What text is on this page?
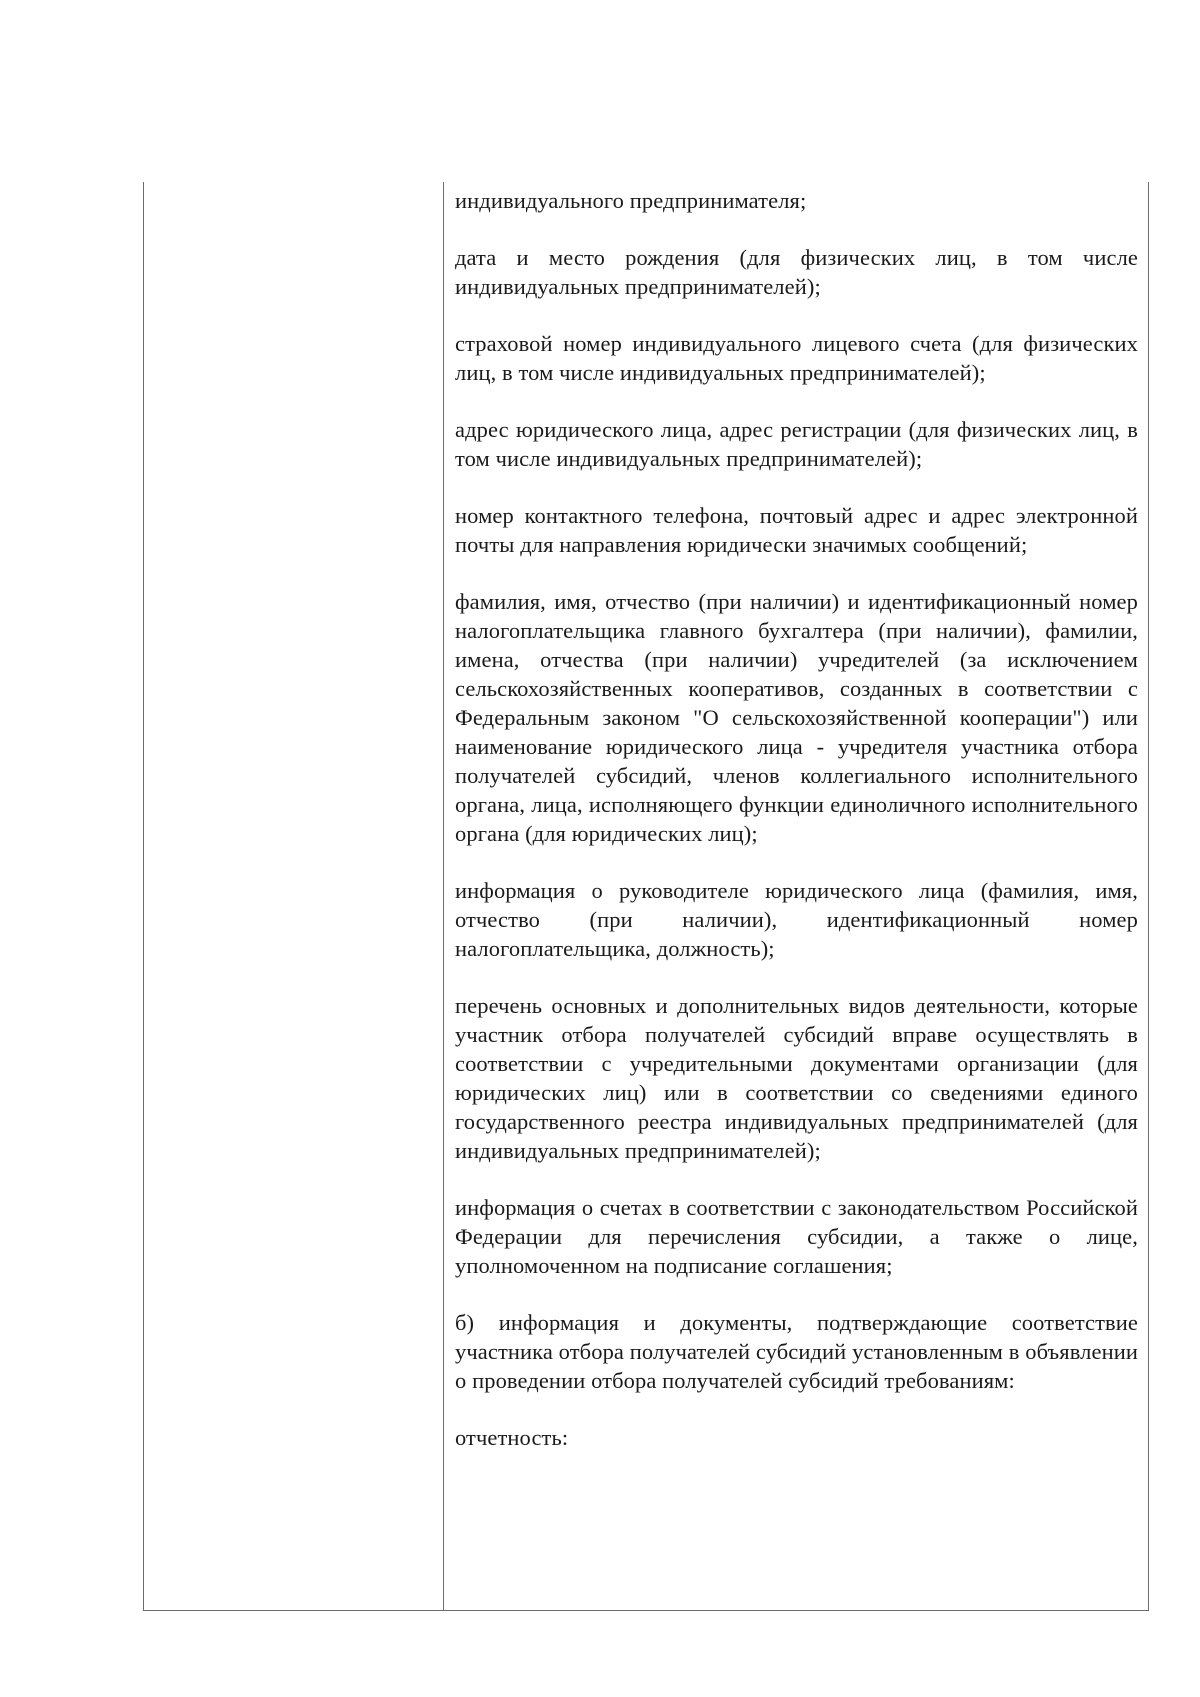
индивидуального предпринимателя;

дата и место рождения (для физических лиц, в том числе индивидуальных предпринимателей);

страховой номер индивидуального лицевого счета (для физических лиц, в том числе индивидуальных предпринимателей);

адрес юридического лица, адрес регистрации (для физических лиц, в том числе индивидуальных предпринимателей);

номер контактного телефона, почтовый адрес и адрес электронной почты для направления юридически значимых сообщений;

фамилия, имя, отчество (при наличии) и идентификационный номер налогоплательщика главного бухгалтера (при наличии), фамилии, имена, отчества (при наличии) учредителей (за исключением сельскохозяйственных кооперативов, созданных в соответствии с Федеральным законом "О сельскохозяйственной кооперации") или наименование юридического лица - учредителя участника отбора получателей субсидий, членов коллегиального исполнительного органа, лица, исполняющего функции единоличного исполнительного органа (для юридических лиц);

информация о руководителе юридического лица (фамилия, имя, отчество (при наличии), идентификационный номер налогоплательщика, должность);

перечень основных и дополнительных видов деятельности, которые участник отбора получателей субсидий вправе осуществлять в соответствии с учредительными документами организации (для юридических лиц) или в соответствии со сведениями единого государственного реестра индивидуальных предпринимателей (для индивидуальных предпринимателей);

информация о счетах в соответствии с законодательством Российской Федерации для перечисления субсидии, а также о лице, уполномоченном на подписание соглашения;

б) информация и документы, подтверждающие соответствие участника отбора получателей субсидий установленным в объявлении о проведении отбора получателей субсидий требованиям:

отчетность:
